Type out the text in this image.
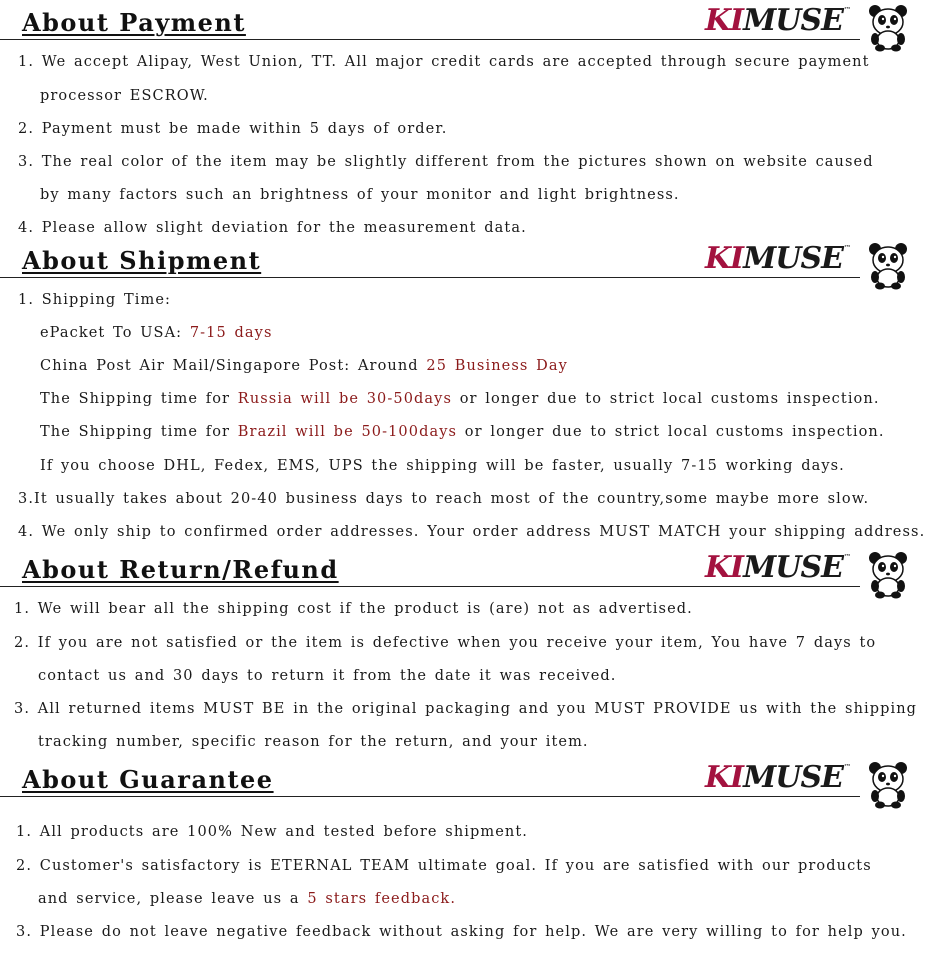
About Payment	KIMUSE™
1. We accept Alipay, West Union, TT. All major credit cards are accepted through secure payment
processor ESCROW.
2. Payment must be made within 5 days of order.
3. The real color of the item may be slightly different from the pictures shown on website caused
by many factors such an brightness of your monitor and light brightness.
4. Please allow slight deviation for the measurement data.
About Shipment	KIMUSE™
1. Shipping Time:
ePacket To USA: 7-15 days
China Post Air Mail/Singapore Post: Around 25 Business Day
The Shipping time for Russia will be 30-50days or longer due to strict local customs inspection.
The Shipping time for Brazil will be 50-100days or longer due to strict local customs inspection.
If you choose DHL, Fedex, EMS, UPS the shipping will be faster, usually 7-15 working days.
3.It usually takes about 20-40 business days to reach most of the country,some maybe more slow.
4. We only ship to confirmed order addresses. Your order address MUST MATCH your shipping address.
About Return/Refund	KIMUSE™
1. We will bear all the shipping cost if the product is (are) not as advertised.
2. If you are not satisfied or the item is defective when you receive your item, You have 7 days to
contact us and 30 days to return it from the date it was received.
3. All returned items MUST BE in the original packaging and you MUST PROVIDE us with the shipping
tracking number, specific reason for the return, and your item.
About Guarantee	KIMUSE™
1. All products are 100% New and tested before shipment.
2. Customer's satisfactory is ETERNAL TEAM ultimate goal. If you are satisfied with our products
and service, please leave us a 5 stars feedback.
3. Please do not leave negative feedback without asking for help. We are very willing to for help you.
